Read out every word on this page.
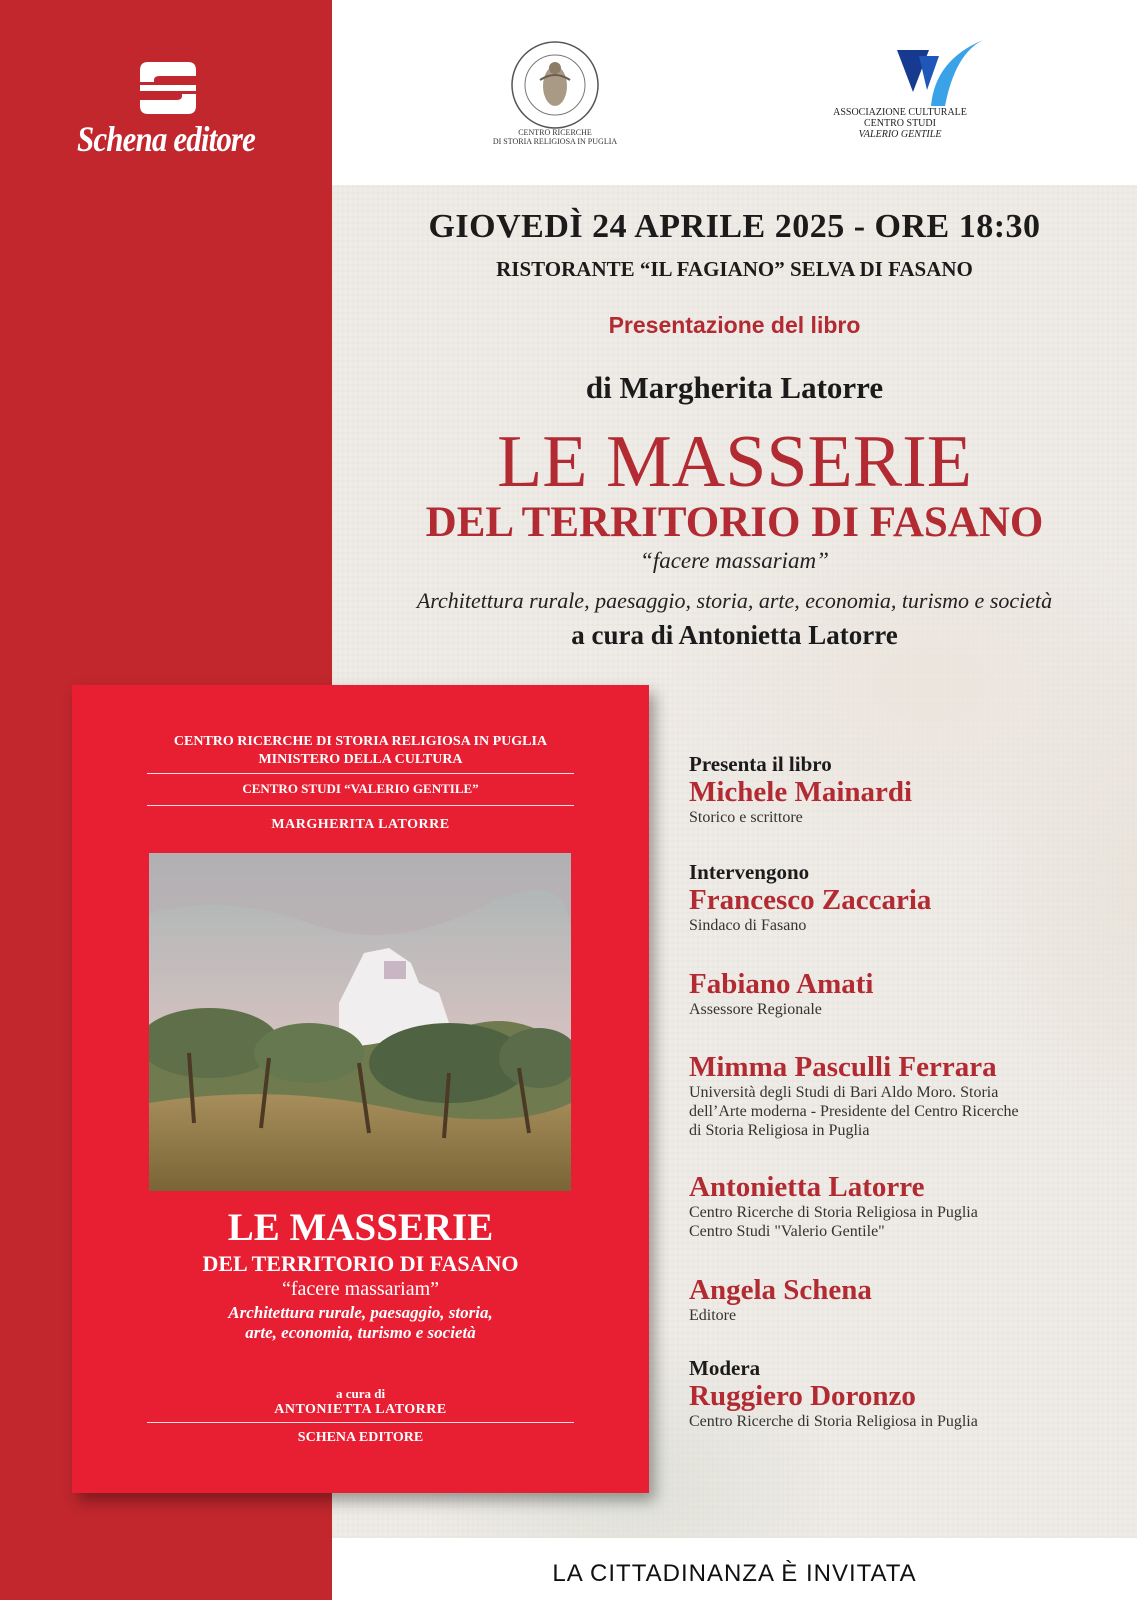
Schena editore	CENTRO RICERCHE
DI STORIA RELIGIOSA IN PUGLIA
ASSOCIAZIONE CULTURALE
CENTRO STUDI
VALERIO GENTILE
GIOVEDÌ 24 APRILE 2025 - ORE 18:30
RISTORANTE “IL FAGIANO” SELVA DI FASANO
Presentazione del libro
di Margherita Latorre
LE MASSERIE
DEL TERRITORIO DI FASANO
“facere massariam”
Architettura rurale, paesaggio, storia, arte, economia, turismo e società
a cura di Antonietta Latorre
CENTRO RICERCHE DI STORIA RELIGIOSA IN PUGLIA
MINISTERO DELLA CULTURA
CENTRO STUDI “VALERIO GENTILE”
MARGHERITA LATORRE
LE MASSERIE
DEL TERRITORIO DI FASANO
“facere massariam”
Architettura rurale, paesaggio, storia,
arte, economia, turismo e società
a cura di
ANTONIETTA LATORRE
SCHENA EDITORE
Presenta il libro
Michele Mainardi
Storico e scrittore
Intervengono
Francesco Zaccaria
Sindaco di Fasano
Fabiano Amati
Assessore Regionale
Mimma Pasculli Ferrara
Università degli Studi di Bari Aldo Moro. Storia
dell’Arte moderna - Presidente del Centro Ricerche
di Storia Religiosa in Puglia
Antonietta Latorre
Centro Ricerche di Storia Religiosa in Puglia
Centro Studi "Valerio Gentile"
Angela Schena
Editore
Modera
Ruggiero Doronzo
Centro Ricerche di Storia Religiosa in Puglia
LA CITTADINANZA È INVITATA
